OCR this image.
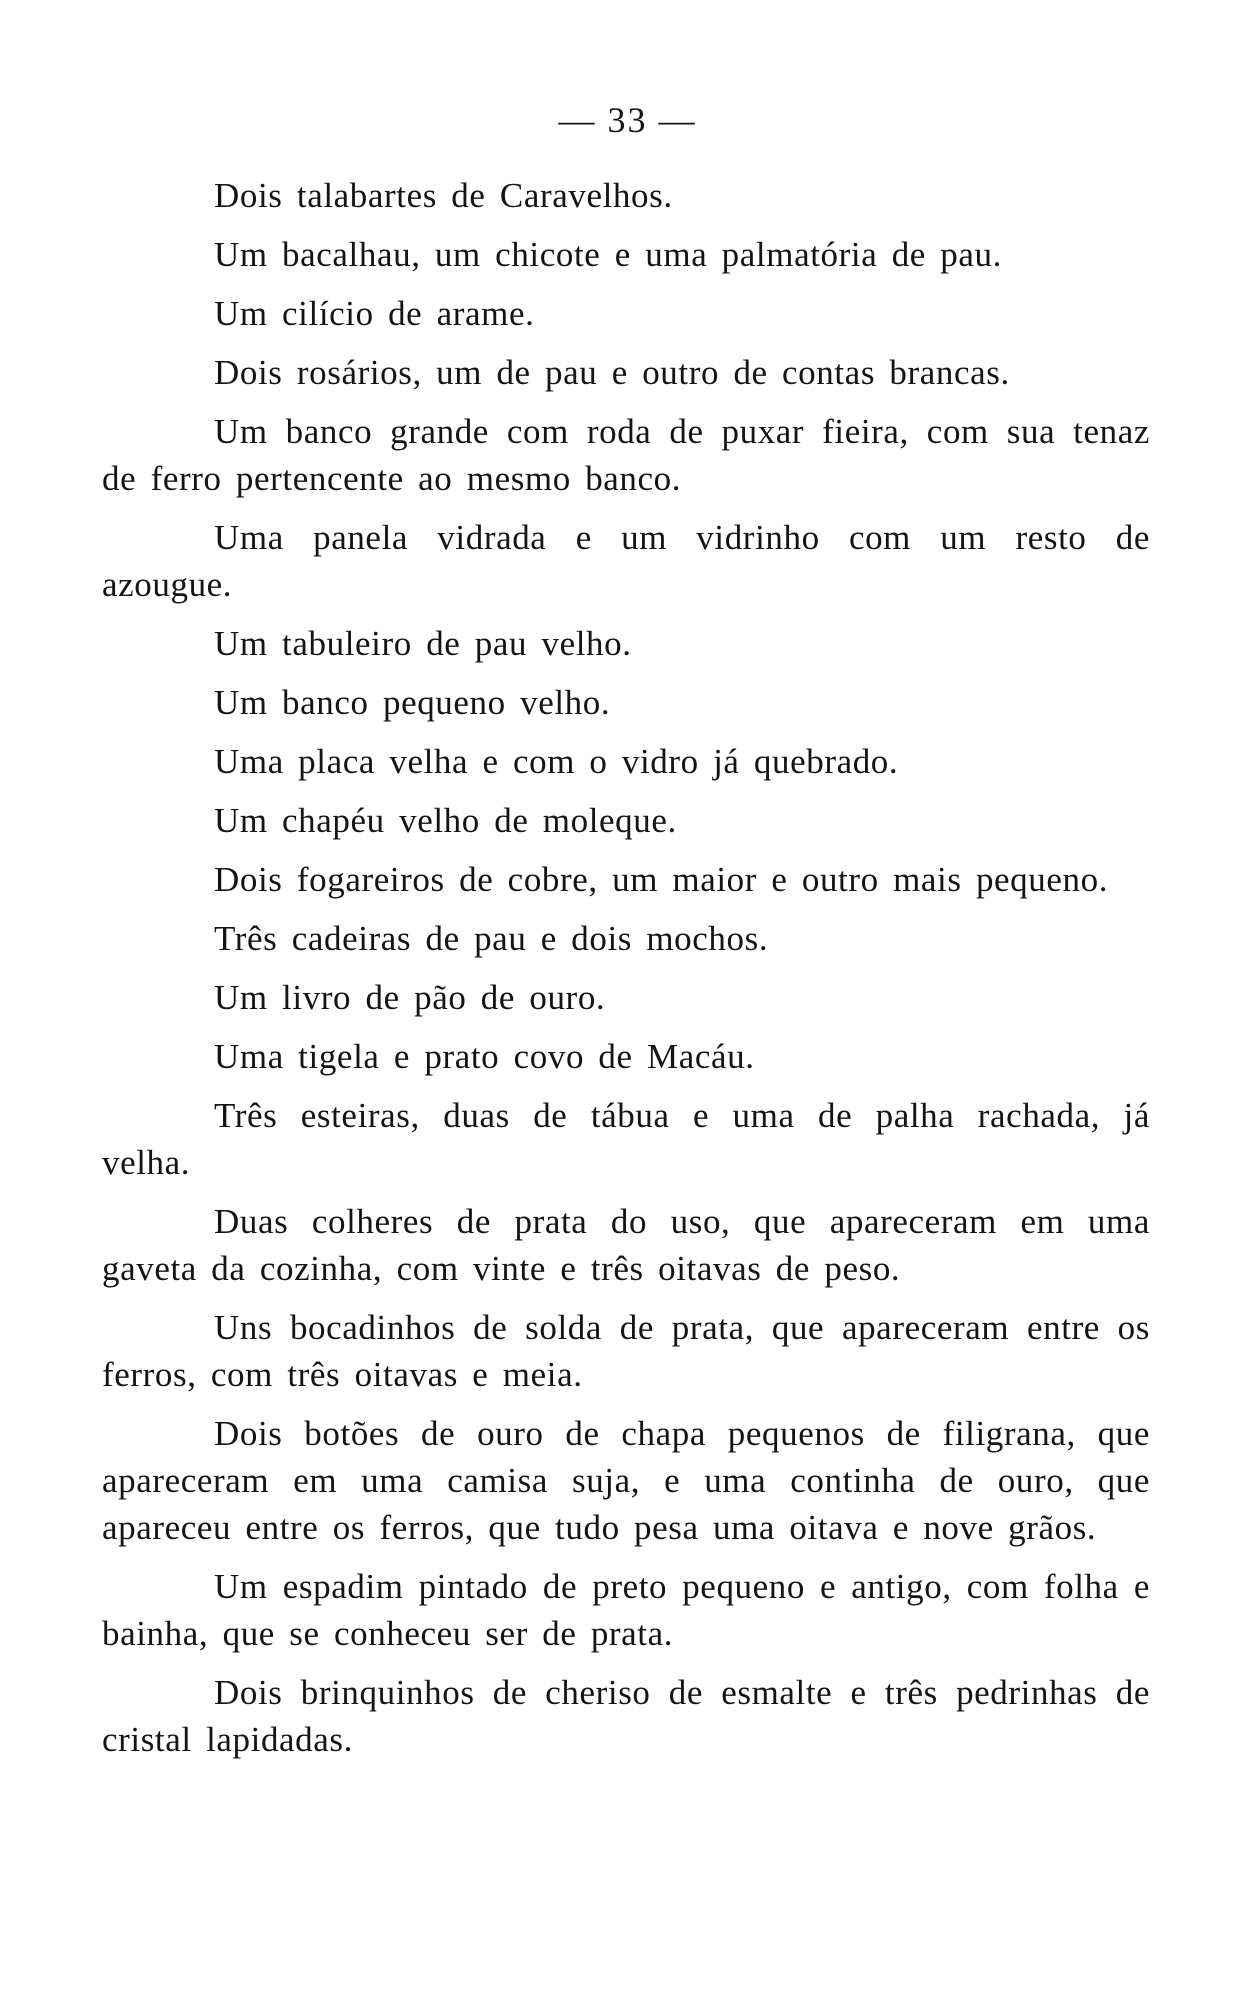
— 33 —

Dois talabartes de Caravelhos.

Um bacalhau, um chicote e uma palmatória de pau.

Um cilício de arame.

Dois rosários, um de pau e outro de contas brancas.

Um banco grande com roda de puxar fieira, com sua tenaz de ferro pertencente ao mesmo banco.

Uma panela vidrada e um vidrinho com um resto de azougue.

Um tabuleiro de pau velho.

Um banco pequeno velho.

Uma placa velha e com o vidro já quebrado.

Um chapéu velho de moleque.

Dois fogareiros de cobre, um maior e outro mais pequeno.

Três cadeiras de pau e dois mochos.

Um livro de pão de ouro.

Uma tigela e prato covo de Macáu.

Três esteiras, duas de tábua e uma de palha rachada, já velha.

Duas colheres de prata do uso, que apareceram em uma gaveta da cozinha, com vinte e três oitavas de peso.

Uns bocadinhos de solda de prata, que apareceram entre os ferros, com três oitavas e meia.

Dois botões de ouro de chapa pequenos de filigrana, que apareceram em uma camisa suja, e uma continha de ouro, que apareceu entre os ferros, que tudo pesa uma oitava e nove grãos.

Um espadim pintado de preto pequeno e antigo, com folha e bainha, que se conheceu ser de prata.

Dois brinquinhos de cheriso de esmalte e três pedrinhas de cristal lapidadas.
